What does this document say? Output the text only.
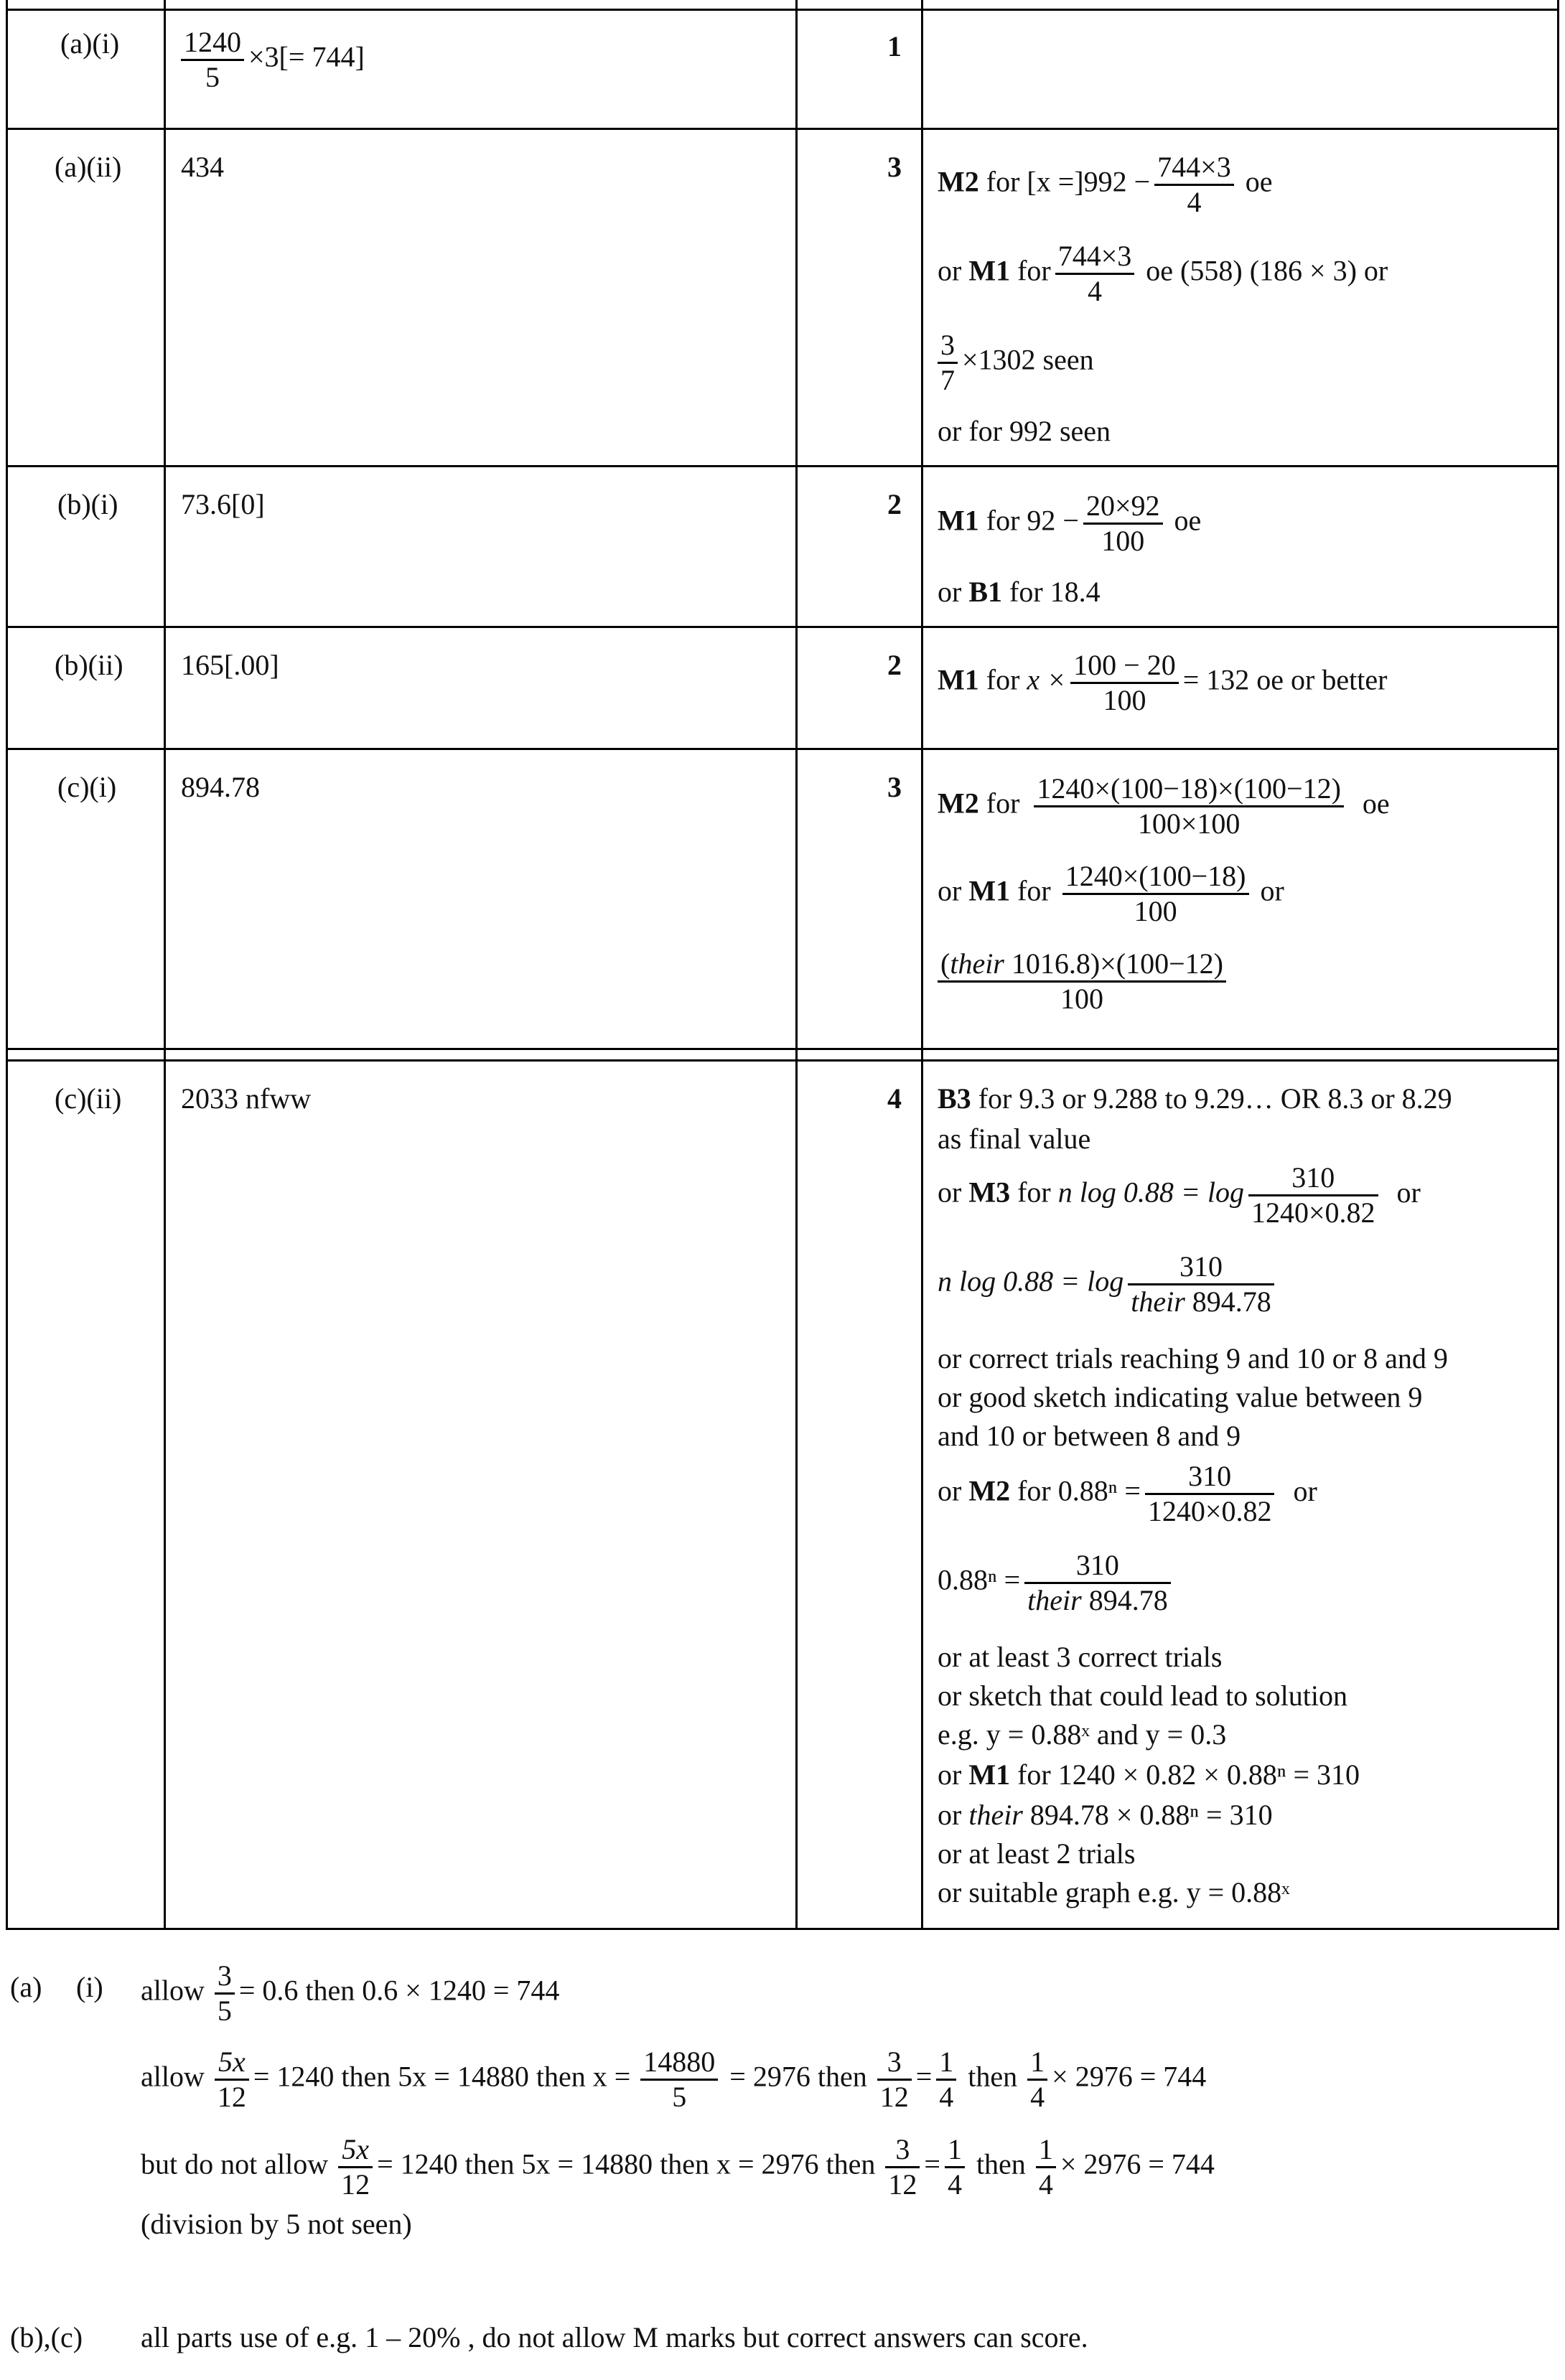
$(a)(i) \frac{1240}{5} \times 3[= 744]$	1
(a)(ii) 434	3 M2 for $[x =]992 - \frac{744\times 3}{4}$ oe
or M1 for $\frac{744\times 3}{4}$ oe (558) (186 × 3) or
$\frac{3}{7} \times 1302$ seen
or for 992 seen
(b)(i) 73.6[0]	2
M1 for $92 - \frac{20\times 92}{100}$ oe
or B1 for 18.4
(b)(ii) 165[.00]	2 M1 for $x \times \frac{100 - 20}{100} = 132$ oe or better
(c)(i) 894.78	3
M2 for $\frac{1240\times(100-18)\times(100-12)}{100\times 100}$ oe
or M1 for $\frac{1240\times(100-18)}{100}$ or
$\frac{\text{(their 1016.8)×(100−12)}}{100}$
(c)(ii) 2033 nfww	4 B3 for 9.3 or 9.288 to 9.29… OR 8.3 or 8.29
as final value
or M3 for n $\log 0.88 = \log \frac{310}{1240\times 0.82}$ or
n $\log 0.88 = \log \frac{310}{\text{their 894.78}}$
or correct trials reaching 9 and 10 or 8 and 9
or good sketch indicating value between 9
and 10 or between 8 and 9
or M2 for $0.88^n = \frac{310}{1240\times 0.82}$ or
$0.88^n = \frac{310}{\text{their 894.78}}$
or at least 3 correct trials
or sketch that could lead to solution
e.g. y = 0.88ˣ and y = 0.3
or M1 for 1240 × 0.82 × 0.88ⁿ = 310
or their 894.78 × 0.88ⁿ = 310
or at least 2 trials
or suitable graph e.g. y = 0.88ˣ
(a) (i) allow $\frac{3}{5} = 0.6$ then 0.6 × 1240 = 744
allow $\frac{5x}{12} = 1240$ then 5x = 14880 then $x = \frac{14880}{5} = 2976$ then $\frac{3}{12} = \frac{1}{4}$ then $\frac{1}{4} \times 2976 = 744$
but do not allow $\frac{5x}{12} = 1240$ then 5x = 14880 then x = 2976 then $\frac{3}{12} = \frac{1}{4}$ then $\frac{1}{4} \times 2976 = 744$
(division by 5 not seen)
(b),(c) all parts use of e.g. 1 – 20% , do not allow M marks but correct answers can score.
